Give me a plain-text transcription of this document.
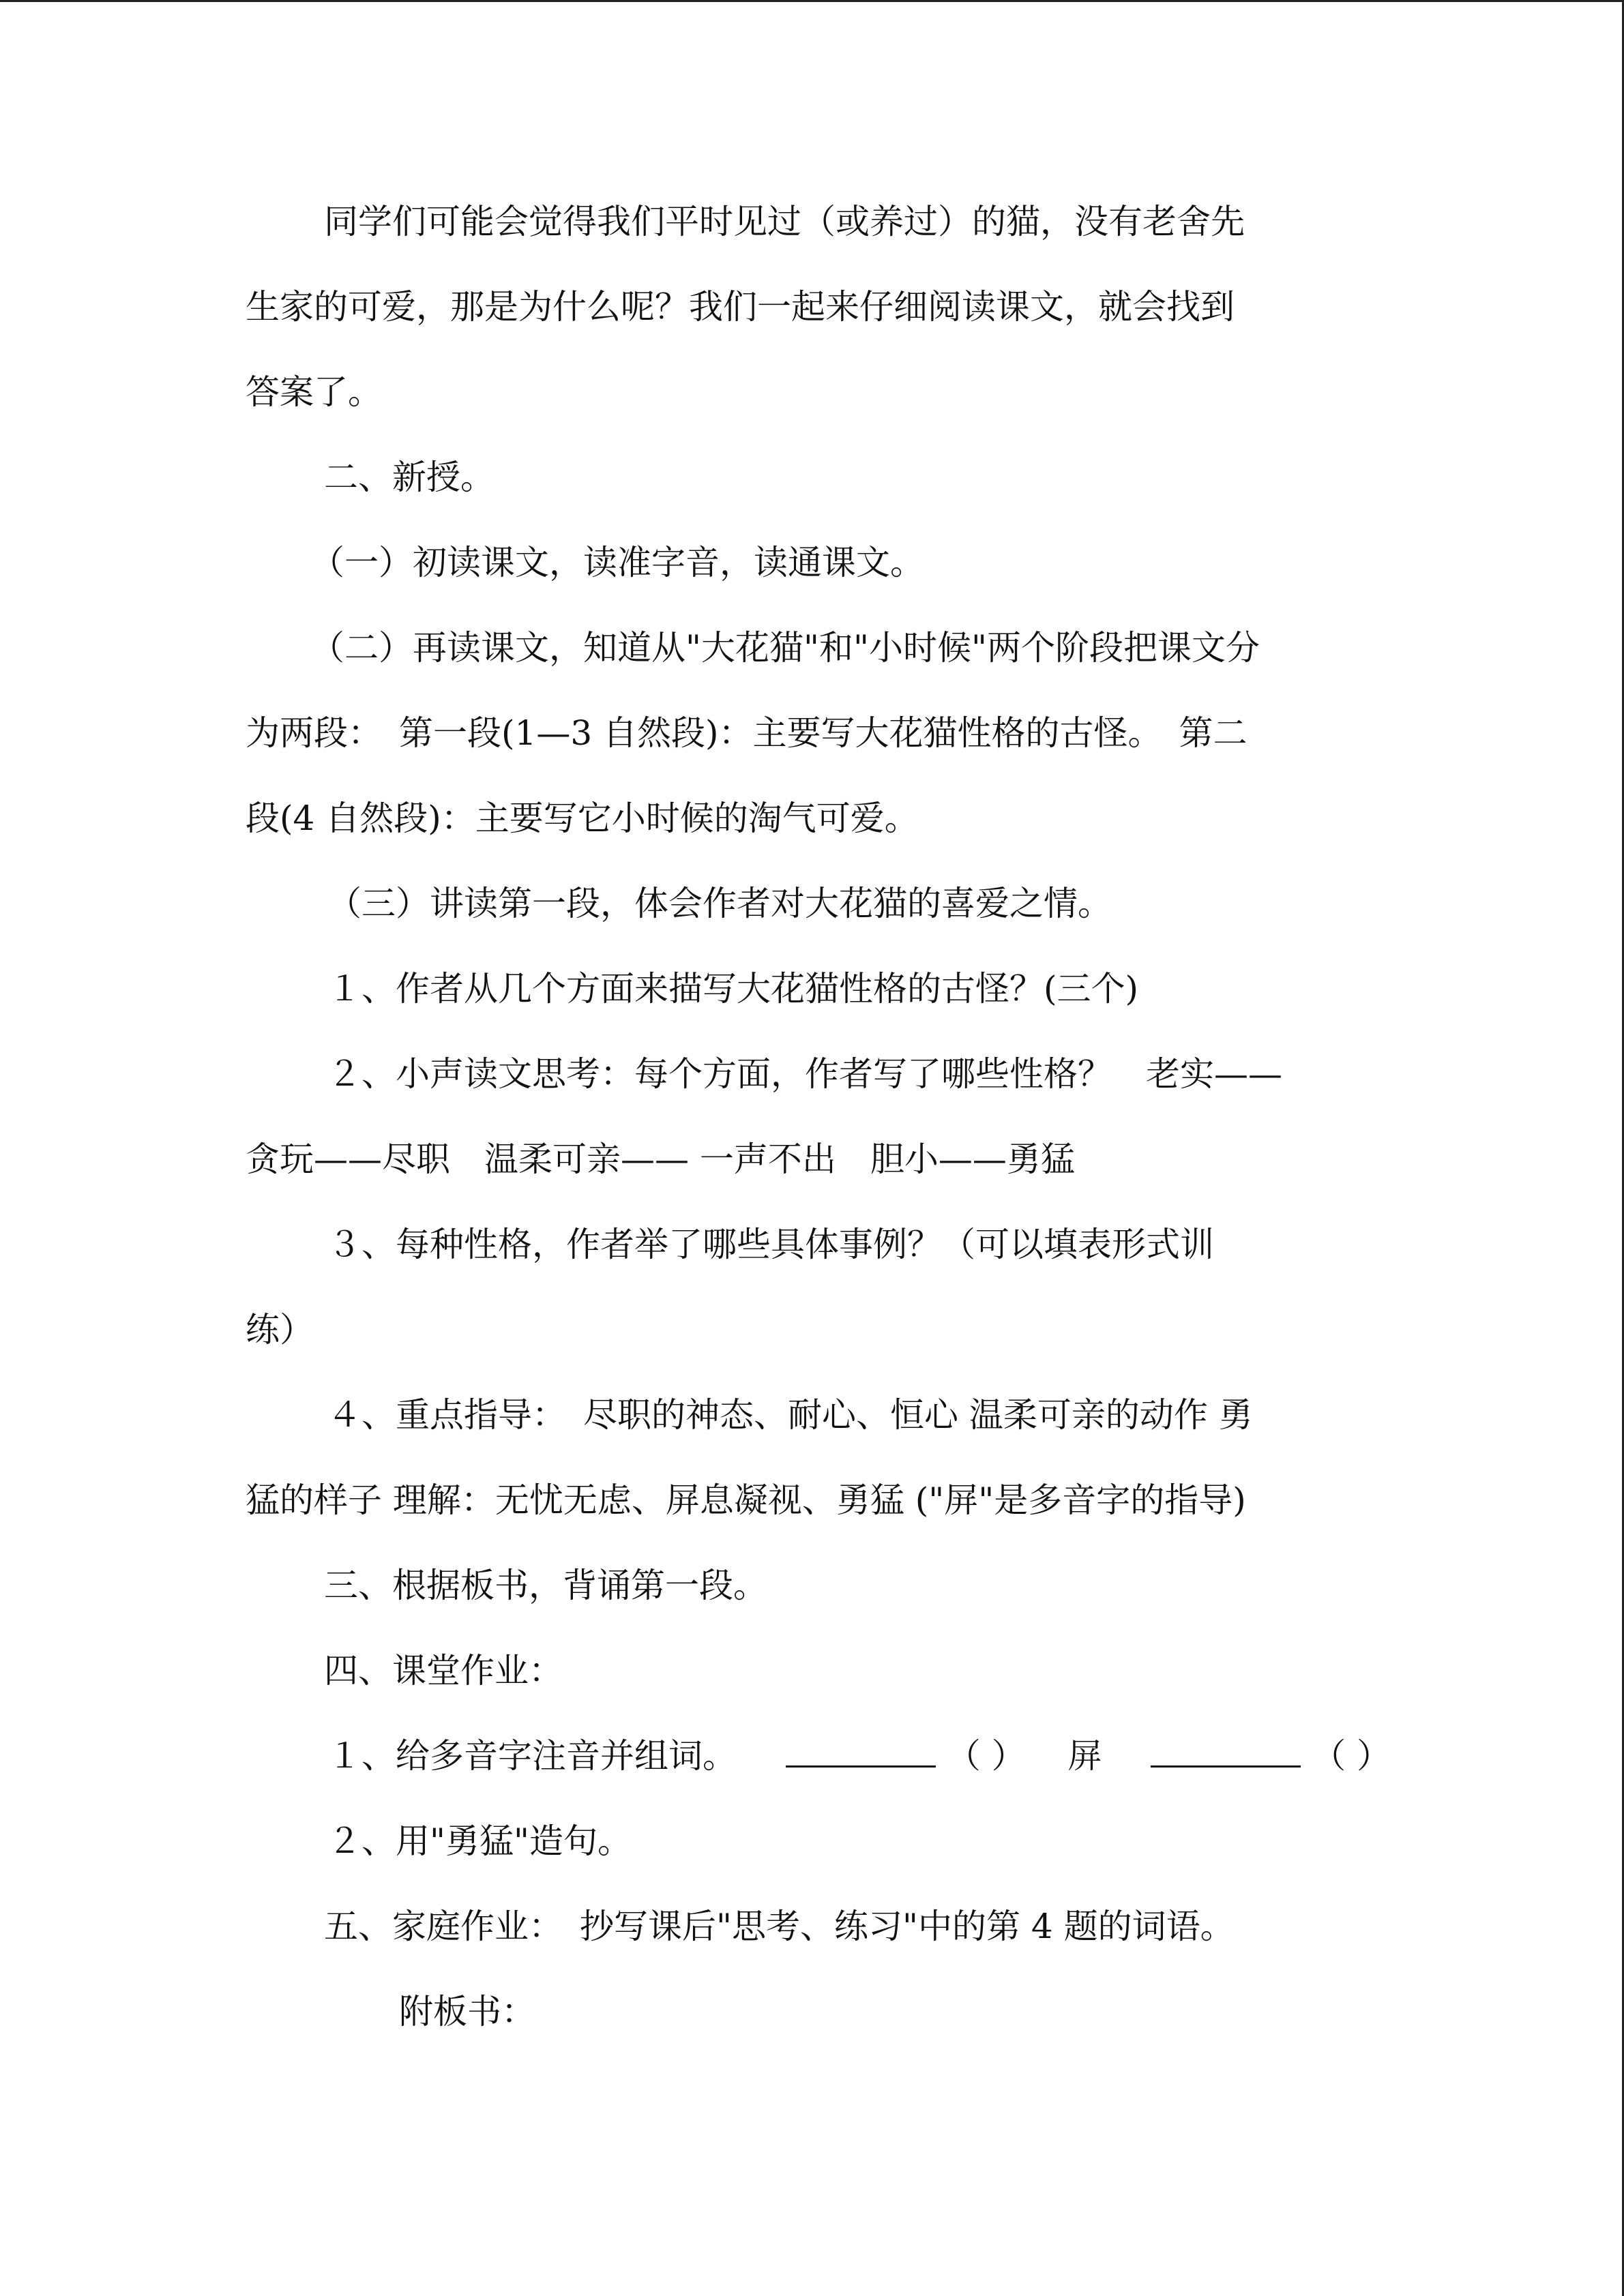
同学们可能会觉得我们平时见过（或养过）的猫，没有老舍先
生家的可爱，那是为什么呢？我们一起来仔细阅读课文，就会找到
答案了。
二、新授。
（一）初读课文，读准字音，读通课文。
（二）再读课文，知道从"大花猫"和"小时候"两个阶段把课文分
为两段：　第一段(1—3 自然段)：主要写大花猫性格的古怪。　第二
段(4 自然段)：主要写它小时候的淘气可爱。
（三）讲读第一段，体会作者对大花猫的喜爱之情。
１、作者从几个方面来描写大花猫性格的古怪？(三个)
２、小声读文思考：每个方面，作者写了哪些性格？　老实——
贪玩——尽职　温柔可亲—— 一声不出　胆小——勇猛
３、每种性格，作者举了哪些具体事例？（可以填表形式训
练）
４、重点指导：　尽职的神态、耐心、恒心 温柔可亲的动作 勇
猛的样子 理解：无忧无虑、屏息凝视、勇猛 ("屏"是多音字的指导)
三、根据板书，背诵第一段。
四、课堂作业：
１、给多音字注音并组词。	（ ） 屏	（ ）
２、用"勇猛"造句。
五、家庭作业：　抄写课后"思考、练习"中的第 4 题的词语。
附板书：
